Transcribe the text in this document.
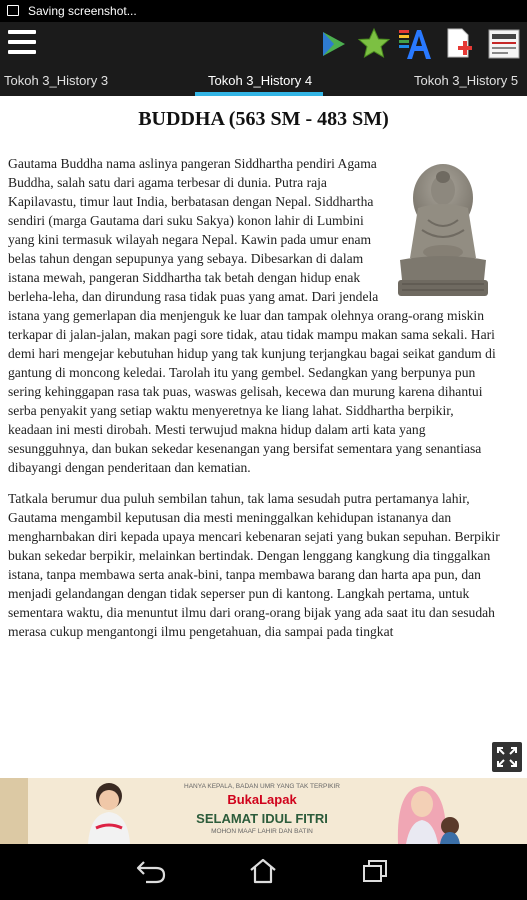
Saving screenshot...
Tokoh 3_History 3	Tokoh 3_History 4	Tokoh 3_History 5
BUDDHA (563 SM - 483 SM)

Gautama Buddha nama aslinya pangeran Siddhartha pendiri Agama Buddha, salah satu dari agama terbesar di dunia. Putra raja Kapilavastu, timur laut India, berbatasan dengan Nepal. Siddhartha sendiri (marga Gautama dari suku Sakya) konon lahir di Lumbini yang kini termasuk wilayah negara Nepal. Kawin pada umur enam belas tahun dengan sepupunya yang sebaya. Dibesarkan di dalam istana mewah, pangeran Siddhartha tak betah dengan hidup enak berleha-leha, dan dirundung rasa tidak puas yang amat. Dari jendela istana yang gemerlapan dia menjenguk ke luar dan tampak olehnya orang-orang miskin terkapar di jalan-jalan, makan pagi sore tidak, atau tidak mampu makan sama sekali. Hari demi hari mengejar kebutuhan hidup yang tak kunjung terjangkau bagai seikat gandum di gantung di moncong keledai. Tarolah itu yang gembel. Sedangkan yang berpunya pun sering kehinggapan rasa tak puas, waswas gelisah, kecewa dan murung karena dihantui serba penyakit yang setiap waktu menyeretnya ke liang lahat. Siddhartha berpikir, keadaan ini mesti dirobah. Mesti terwujud makna hidup dalam arti kata yang sesungguhnya, dan bukan sekedar kesenangan yang bersifat sementara yang senantiasa dibayangi dengan penderitaan dan kematian.

Tatkala berumur dua puluh sembilan tahun, tak lama sesudah putra pertamanya lahir, Gautama mengambil keputusan dia mesti meninggalkan kehidupan istananya dan mengharnbakan diri kepada upaya mencari kebenaran sejati yang bukan sepuhan. Berpikir bukan sekedar berpikir, melainkan bertindak. Dengan lenggang kangkung dia tinggalkan istana, tanpa membawa serta anak-bini, tanpa membawa barang dan harta apa pun, dan menjadi gelandangan dengan tidak seperser pun di kantong. Langkah pertama, untuk sementara waktu, dia menuntut ilmu dari orang-orang bijak yang ada saat itu dan sesudah merasa cukup mengantongi ilmu pengetahuan, dia sampai pada tingkat

HANYA KEPALA, BADAN UMR YANG TAK TERPIKIR
BukaLapak
SELAMAT IDUL FITRI
MOHON MAAF LAHIR DAN BATIN
